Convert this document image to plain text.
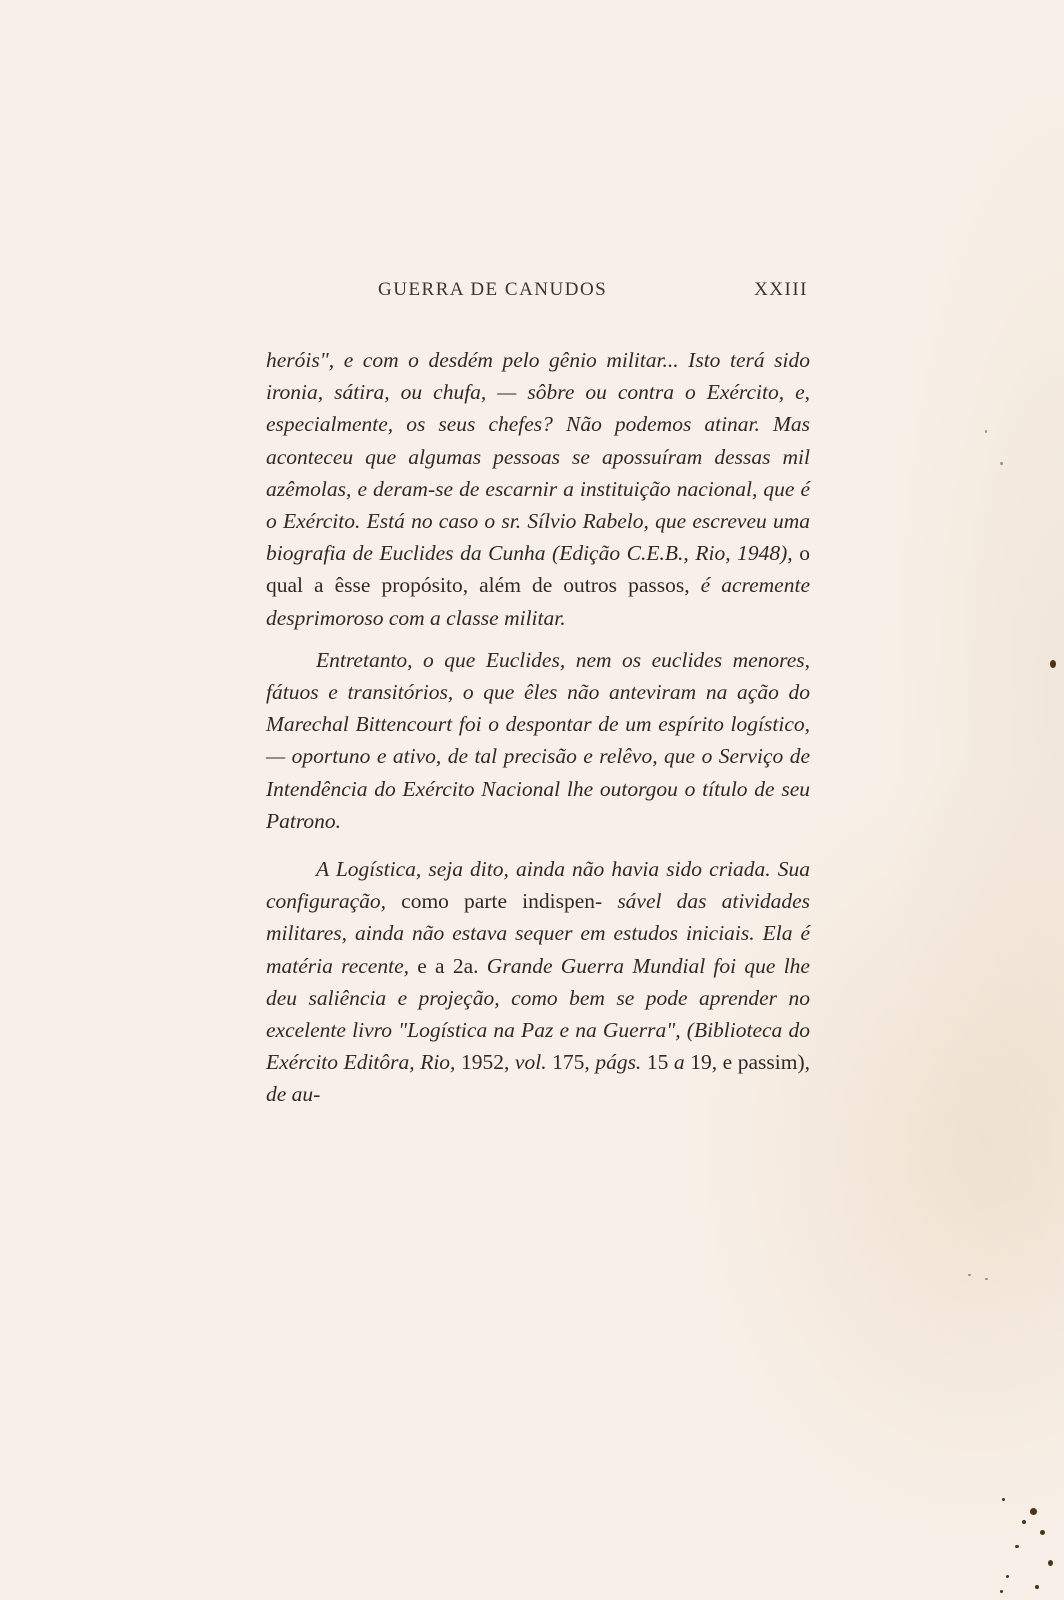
GUERRA DE CANUDOS	XXIII

heróis", e com o desdém pelo gênio militar... Isto terá sido ironia, sátira, ou chufa, — sôbre ou contra o Exército, e, especialmente, os seus chefes? Não podemos atinar. Mas aconteceu que algumas pessoas se apossuíram dessas mil azêmolas, e deram-se de escarnir a instituição nacional, que é o Exército. Está no caso o sr. Sílvio Rabelo, que escreveu uma biografia de Euclides da Cunha (Edição C.E.B., Rio, 1948), o qual a êsse propósito, além de outros passos, é acremente desprimoroso com a classe militar.

Entretanto, o que Euclides, nem os euclides menores, fátuos e transitórios, o que êles não anteviram na ação do Marechal Bittencourt foi o despontar de um espírito logístico, — oportuno e ativo, de tal precisão e relêvo, que o Serviço de Intendência do Exército Nacional lhe outorgou o título de seu Patrono.

A Logística, seja dito, ainda não havia sido criada. Sua configuração, como parte indispen- sável das atividades militares, ainda não estava sequer em estudos iniciais. Ela é matéria recente, e a 2a. Grande Guerra Mundial foi que lhe deu saliência e projeção, como bem se pode aprender no excelente livro "Logística na Paz e na Guerra", (Biblioteca do Exército Editôra, Rio, 1952, vol. 175, págs. 15 a 19, e passim), de au-
